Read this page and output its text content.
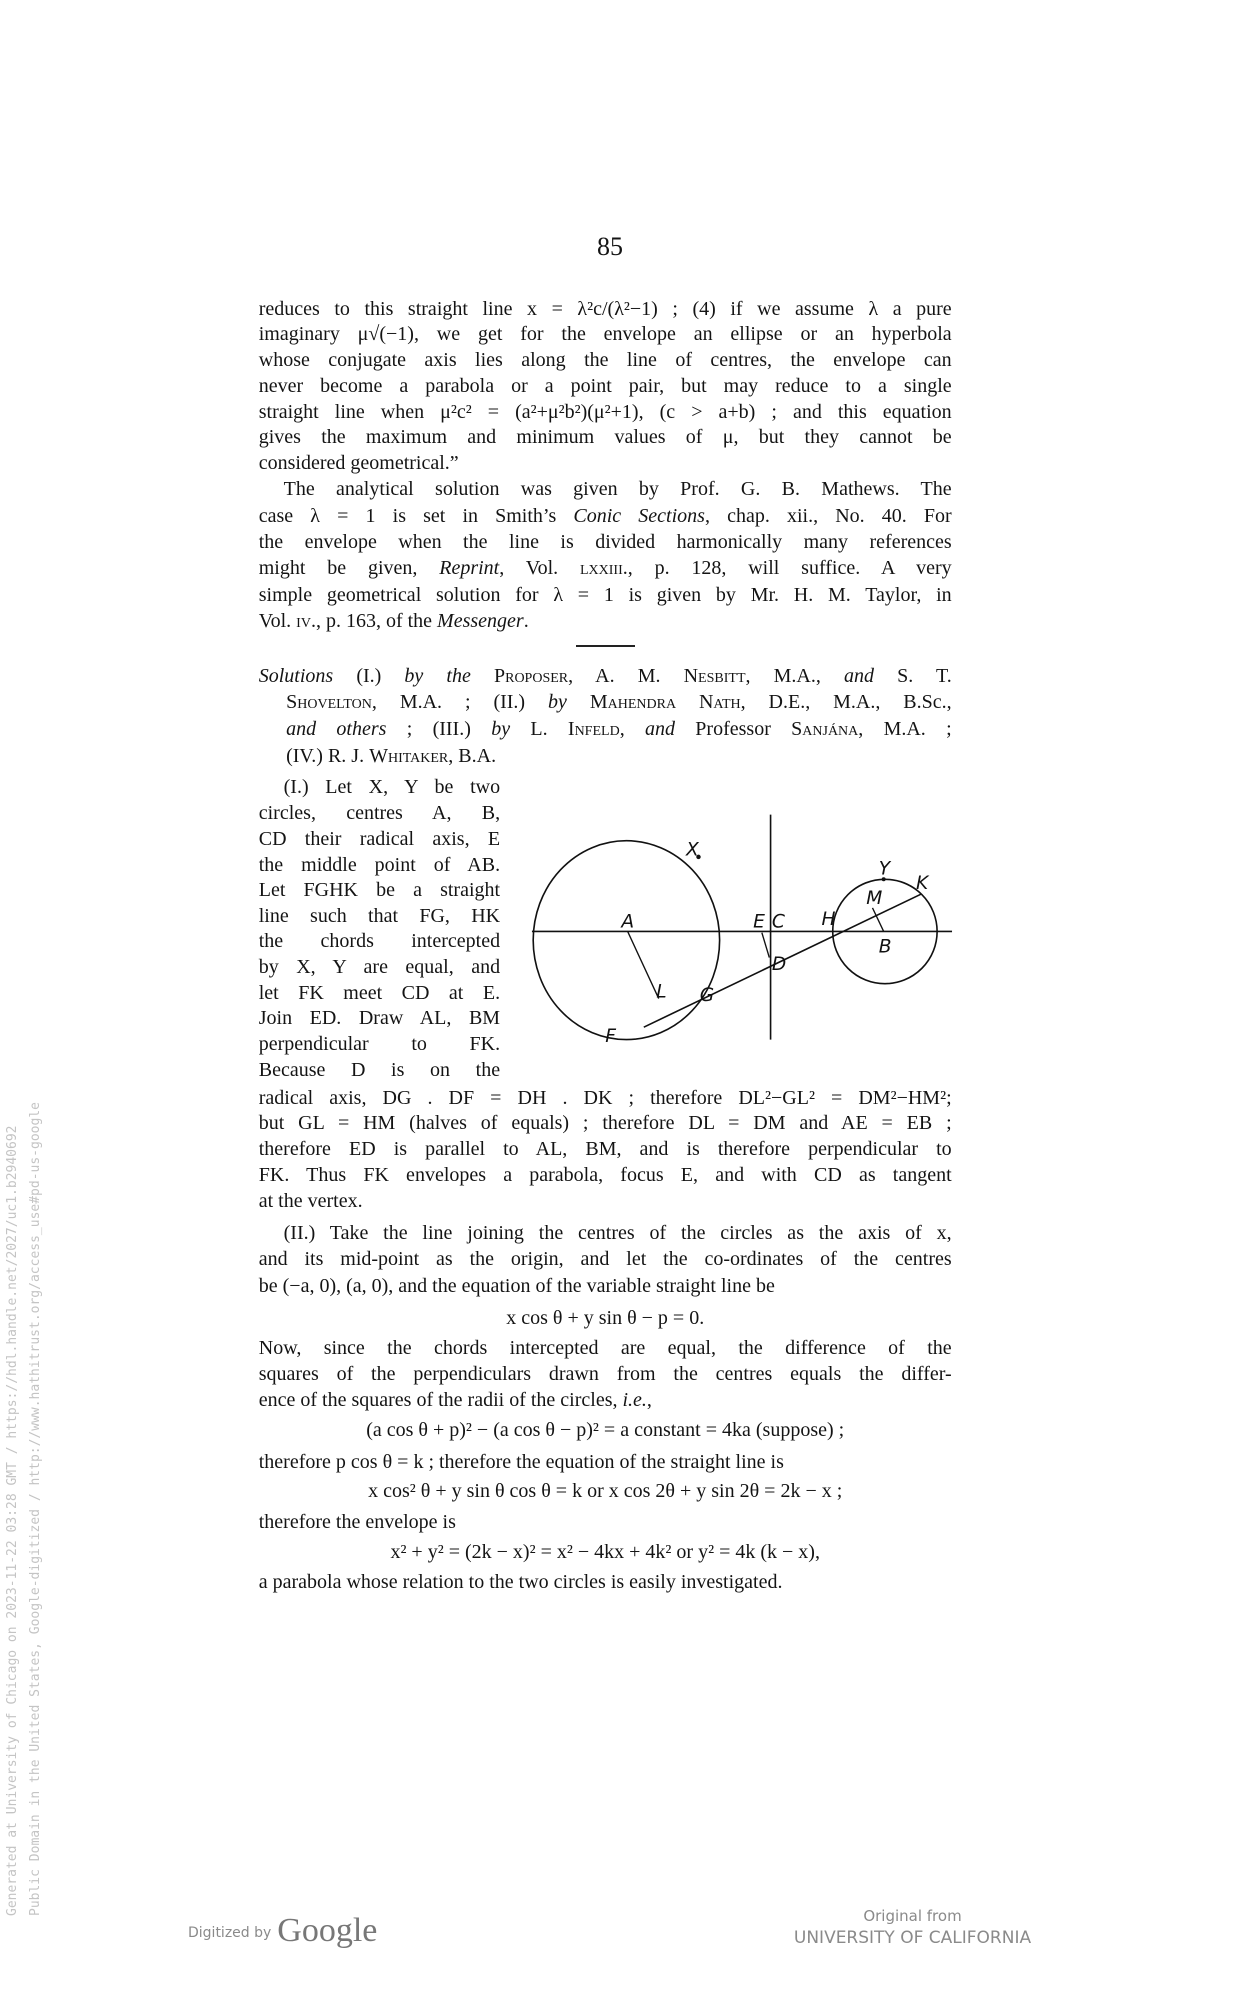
85
reduces to this straight line x = λ²c/(λ²−1) ; (4) if we assume λ a pure
imaginary μ√(−1), we get for the envelope an ellipse or an hyperbola
whose conjugate axis lies along the line of centres, the envelope can
never become a parabola or a point pair, but may reduce to a single
straight line when μ²c² = (a²+μ²b²)(μ²+1), (c > a+b) ; and this equation
gives the maximum and minimum values of μ, but they cannot be
considered geometrical.”
The analytical solution was given by Prof. G. B. Mathews. The
case λ = 1 is set in Smith’s Conic Sections, chap. xii., No. 40. For
the envelope when the line is divided harmonically many references
might be given, Reprint, Vol. lxxiii., p. 128, will suffice. A very
simple geometrical solution for λ = 1 is given by Mr. H. M. Taylor, in
Vol. iv., p. 163, of the Messenger.
Solutions (I.) by the Proposer, A. M. Nesbitt, M.A., and S. T.
Shovelton, M.A. ; (II.) by Mahendra Nath, D.E., M.A., B.Sc.,
and others ; (III.) by L. Infeld, and Professor Sanjána, M.A. ;
(IV.) R. J. Whitaker, B.A.
(I.) Let X, Y be two
circles, centres A, B,
CD their radical axis, E
the middle point of AB.
Let FGHK be a straight
line such that FG, HK
the chords intercepted
by X, Y are equal, and
let FK meet CD at E.
Join ED. Draw AL, BM
perpendicular to FK.
Because D is on the
radical axis, DG . DF = DH . DK ; therefore DL²−GL² = DM²−HM²;
but GL = HM (halves of equals) ; therefore DL = DM and AE = EB ;
therefore ED is parallel to AL, BM, and is therefore perpendicular to
FK. Thus FK envelopes a parabola, focus E, and with CD as tangent
at the vertex.
(II.) Take the line joining the centres of the circles as the axis of x,
and its mid-point as the origin, and let the co-ordinates of the centres
be (−a, 0), (a, 0), and the equation of the variable straight line be
x cos θ + y sin θ − p = 0.
Now, since the chords intercepted are equal, the difference of the
squares of the perpendiculars drawn from the centres equals the differ-
ence of the squares of the radii of the circles, i.e.,
(a cos θ + p)² − (a cos θ − p)² = a constant = 4ka (suppose) ;
therefore p cos θ = k ; therefore the equation of the straight line is
x cos² θ + y sin θ cos θ = k or x cos 2θ + y sin 2θ = 2k − x ;
therefore the envelope is
x² + y² = (2k − x)² = x² − 4kx + 4k² or y² = 4k (k − x),
a parabola whose relation to the two circles is easily investigated.
X
Y
K
M
A	E C H
B
D
L G
F
Generated at University of Chicago on 2023-11-22 03:28 GMT / https://hdl.handle.net/2027/uc1.b2940692 Public Domain in the United States, Google-digitized / http://www.hathitrust.org/access_use#pd-us-google
Digitized by Google	Original from
UNIVERSITY OF CALIFORNIA
